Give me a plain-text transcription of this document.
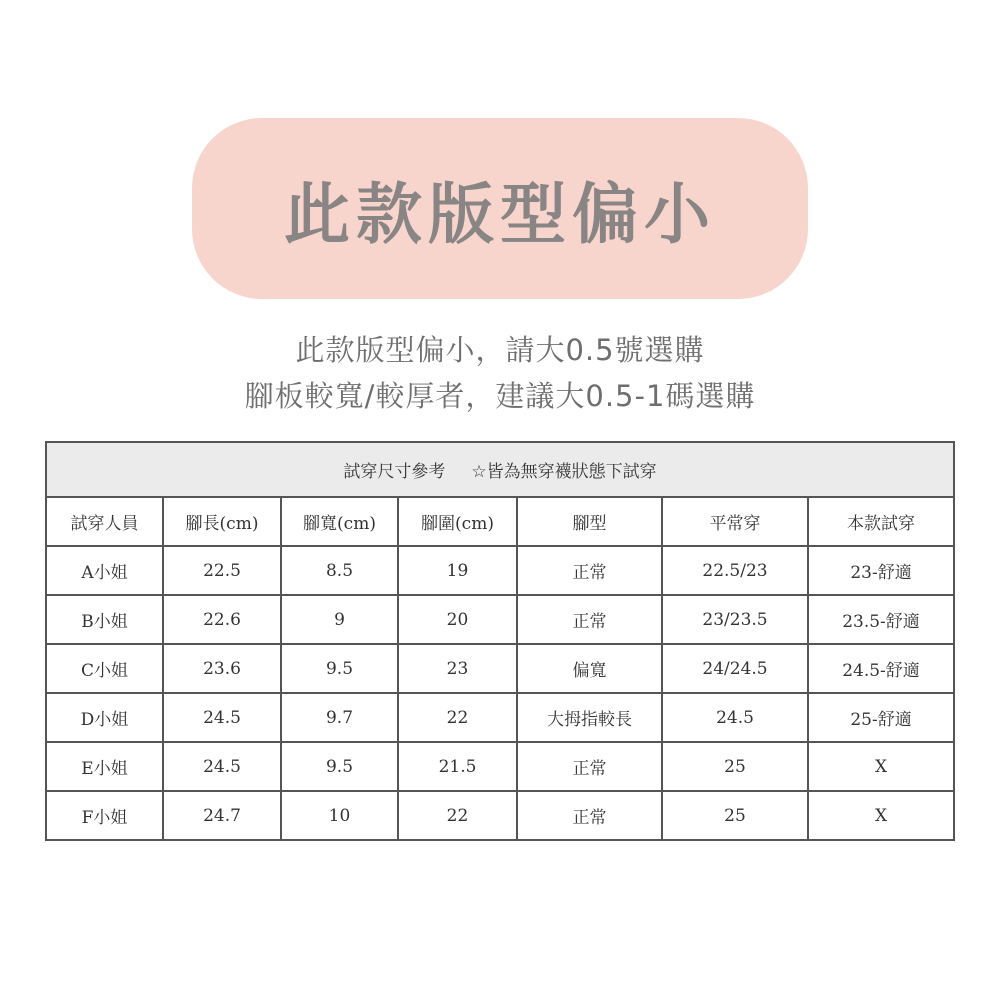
此款版型偏小
此款版型偏小，請大0.5號選購
腳板較寬/較厚者，建議大0.5-1碼選購
試穿尺寸參考 ☆皆為無穿襪狀態下試穿						
試穿人員	腳長(cm)	腳寬(cm)	腳圍(cm)	腳型	平常穿	本款試穿
A小姐	22.5	8.5	19	正常	22.5/23	23-舒適
B小姐	22.6	9	20	正常	23/23.5	23.5-舒適
C小姐	23.6	9.5	23	偏寬	24/24.5	24.5-舒適
D小姐	24.5	9.7	22	大拇指較長	24.5	25-舒適
E小姐	24.5	9.5	21.5	正常	25	X
F小姐	24.7	10	22	正常	25	X
